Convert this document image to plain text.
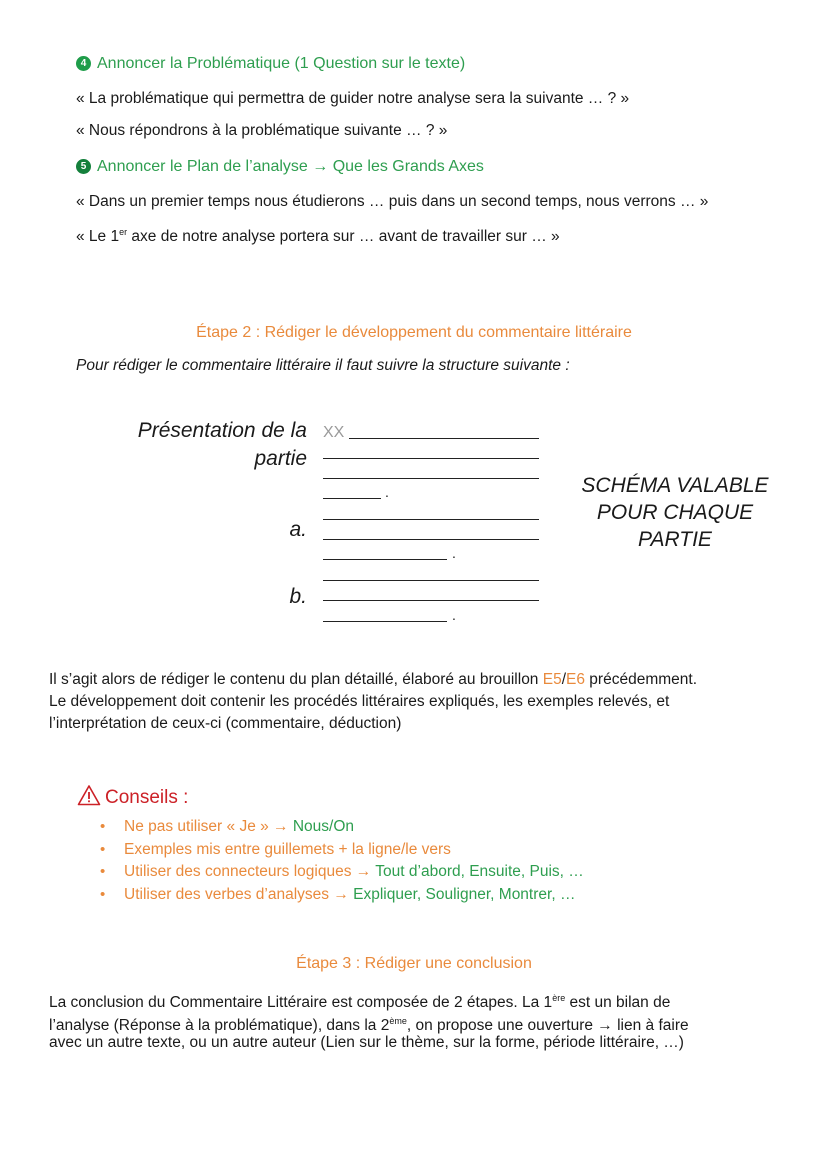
4 Annoncer la Problématique (1 Question sur le texte)
« La problématique qui permettra de guider notre analyse sera la suivante … ? »
« Nous répondrons à la problématique suivante … ? »
5 Annoncer le Plan de l’analyse → Que les Grands Axes
« Dans un premier temps nous étudierons … puis dans un second temps, nous verrons … »
« Le 1er axe de notre analyse portera sur … avant de travailler sur … »
Étape 2 : Rédiger le développement du commentaire littéraire
Pour rédiger le commentaire littéraire il faut suivre la structure suivante :
Présentation de la
partie
XX
.
a.
.
b.
.
SCHÉMA VALABLE POUR CHAQUE PARTIE
Il s’agit alors de rédiger le contenu du plan détaillé, élaboré au brouillon E5/E6 précédemment.
Le développement doit contenir les procédés littéraires expliqués, les exemples relevés, et
l’interprétation de ceux-ci (commentaire, déduction)
Conseils :
• Ne pas utiliser « Je » → Nous/On
• Exemples mis entre guillemets + la ligne/le vers
• Utiliser des connecteurs logiques → Tout d’abord, Ensuite, Puis, …
• Utiliser des verbes d’analyses → Expliquer, Souligner, Montrer, …
Étape 3 : Rédiger une conclusion
La conclusion du Commentaire Littéraire est composée de 2 étapes. La 1ère est un bilan de
l’analyse (Réponse à la problématique), dans la 2ème, on propose une ouverture → lien à faire
avec un autre texte, ou un autre auteur (Lien sur le thème, sur la forme, période littéraire, …)
